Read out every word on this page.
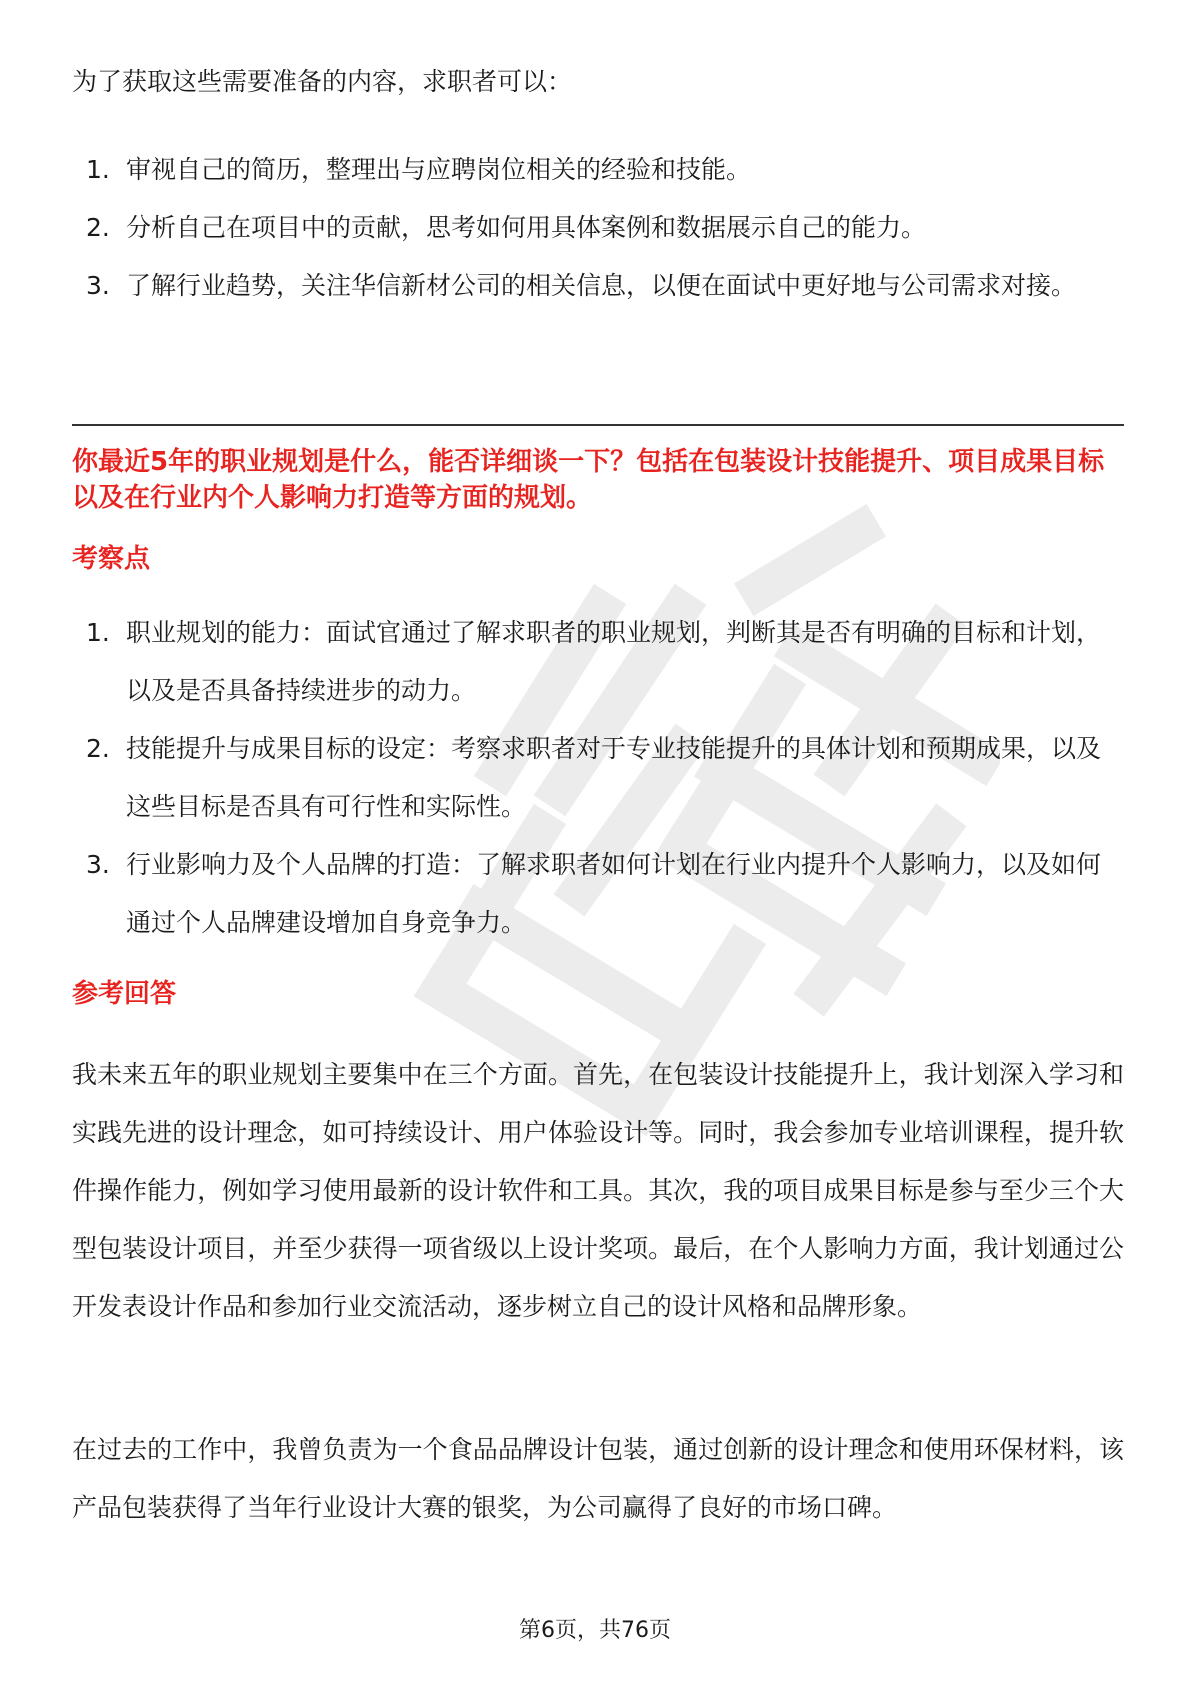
为了获取这些需要准备的内容，求职者可以：
1. 审视自己的简历，整理出与应聘岗位相关的经验和技能。
2. 分析自己在项目中的贡献，思考如何用具体案例和数据展示自己的能力。
3. 了解行业趋势，关注华信新材公司的相关信息，以便在面试中更好地与公司需求对接。
你最近5年的职业规划是什么，能否详细谈一下？包括在包装设计技能提升、项目成果目标以及在行业内个人影响力打造等方面的规划。
考察点
1. 职业规划的能力：面试官通过了解求职者的职业规划，判断其是否有明确的目标和计划，以及是否具备持续进步的动力。
2. 技能提升与成果目标的设定：考察求职者对于专业技能提升的具体计划和预期成果，以及这些目标是否具有可行性和实际性。
3. 行业影响力及个人品牌的打造：了解求职者如何计划在行业内提升个人影响力，以及如何通过个人品牌建设增加自身竞争力。
参考回答

我未来五年的职业规划主要集中在三个方面。首先，在包装设计技能提升上，我计划深入学习和实践先进的设计理念，如可持续设计、用户体验设计等。同时，我会参加专业培训课程，提升软件操作能力，例如学习使用最新的设计软件和工具。其次，我的项目成果目标是参与至少三个大型包装设计项目，并至少获得一项省级以上设计奖项。最后，在个人影响力方面，我计划通过公开发表设计作品和参加行业交流活动，逐步树立自己的设计风格和品牌形象。

在过去的工作中，我曾负责为一个食品品牌设计包装，通过创新的设计理念和使用环保材料，该产品包装获得了当年行业设计大赛的银奖，为公司赢得了良好的市场口碑。

第6页，共76页
